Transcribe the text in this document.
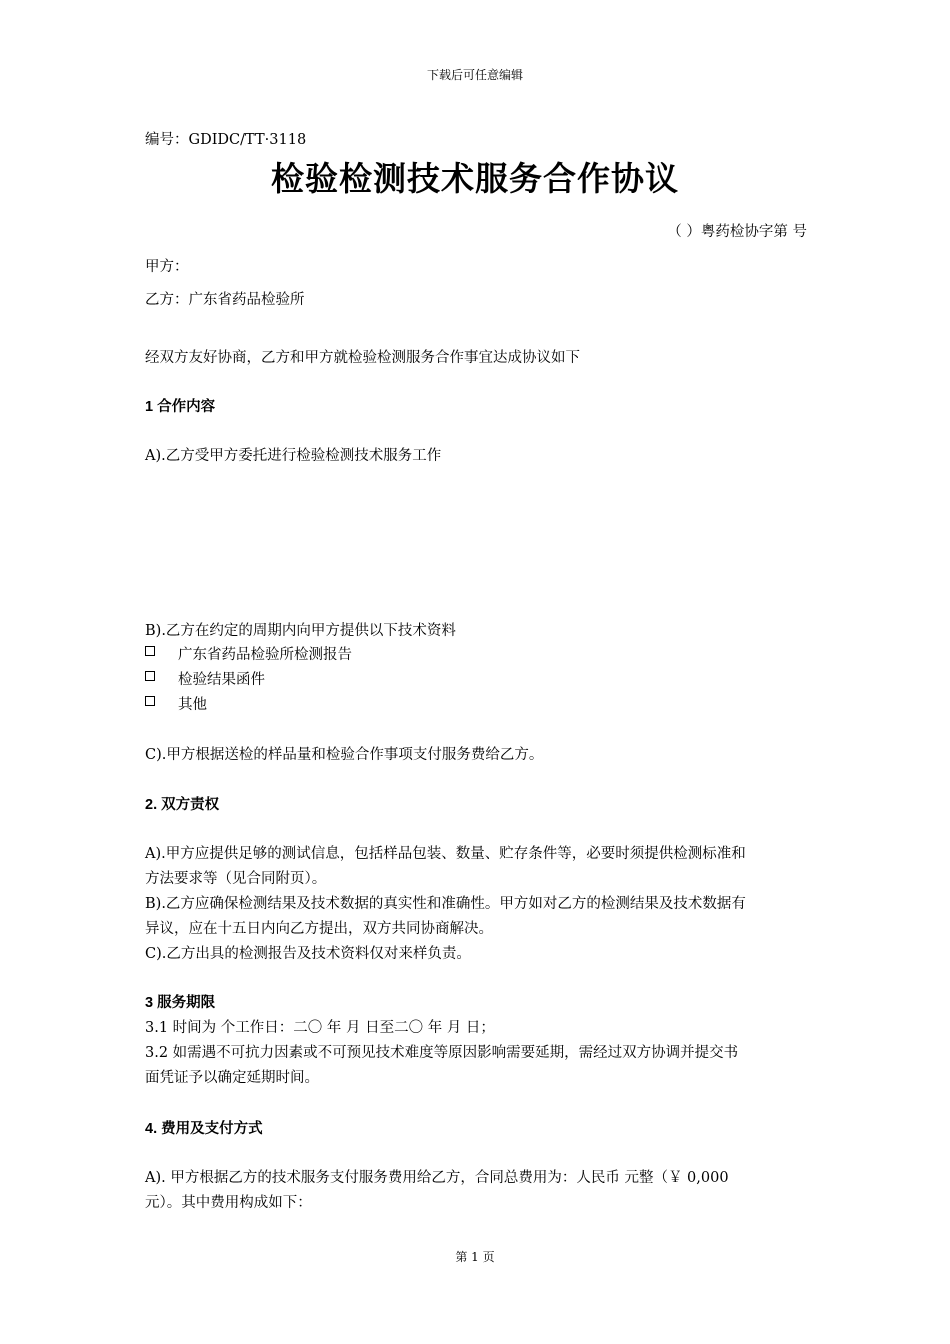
下载后可任意编辑
编号：GDIDC/TT·3118
检验检测技术服务合作协议
（ ）粤药检协字第 号
甲方：
乙方：广东省药品检验所
经双方友好协商，乙方和甲方就检验检测服务合作事宜达成协议如下
1 合作内容
A).乙方受甲方委托进行检验检测技术服务工作
B).乙方在约定的周期内向甲方提供以下技术资料
广东省药品检验所检测报告
检验结果函件
其他
C).甲方根据送检的样品量和检验合作事项支付服务费给乙方。
2. 双方责权
A).甲方应提供足够的测试信息，包括样品包装、数量、贮存条件等，必要时须提供检测标准和
方法要求等（见合同附页）。
B).乙方应确保检测结果及技术数据的真实性和准确性。甲方如对乙方的检测结果及技术数据有
异议，应在十五日内向乙方提出，双方共同协商解决。
C).乙方出具的检测报告及技术资料仅对来样负责。
3 服务期限
3.1 时间为 个工作日：二〇 年 月 日至二〇 年 月 日；
3.2 如需遇不可抗力因素或不可预见技术难度等原因影响需要延期，需经过双方协调并提交书
面凭证予以确定延期时间。
4. 费用及支付方式
A). 甲方根据乙方的技术服务支付服务费用给乙方，合同总费用为：人民币 元整（￥ 0,000
元）。其中费用构成如下：
第 1 页
